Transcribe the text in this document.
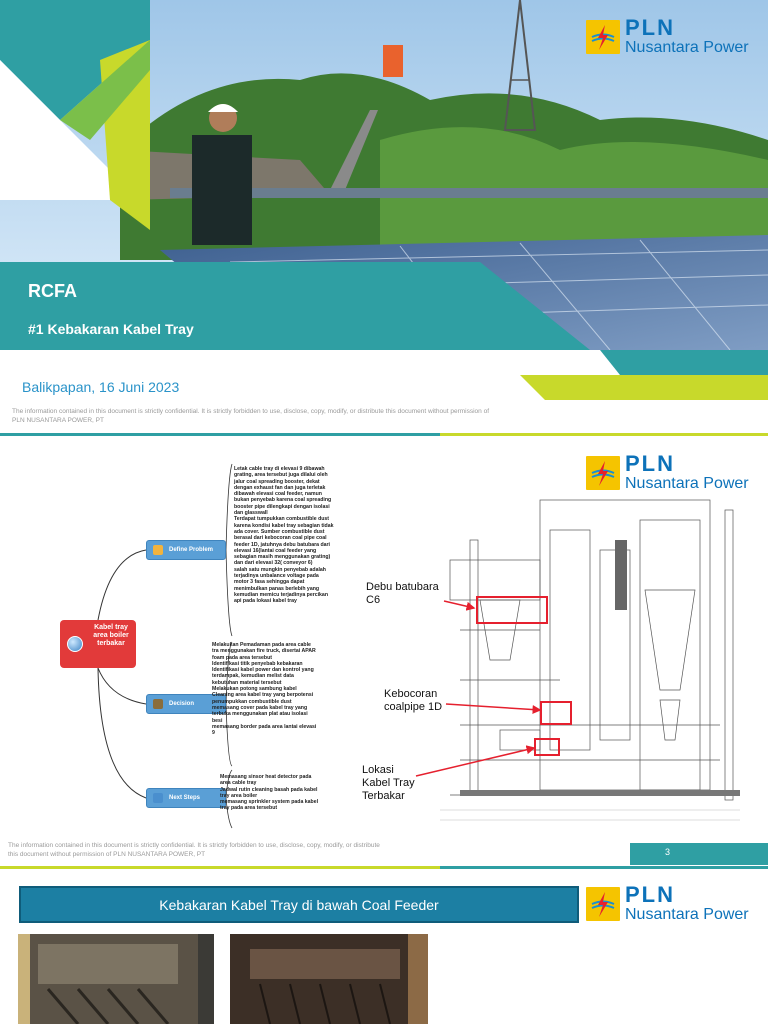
PLN
Nusantara Power
RCFA
#1 Kebakaran Kabel Tray
Balikpapan, 16 Juni 2023
The information contained in this document is strictly confidential. It is strictly forbidden to use, disclose, copy, modify, or distribute this document without permission of PLN NUSANTARA POWER, PT
Kabel tray area boiler terbakar
Define Problem
Letak cable tray di elevasi 9 dibawah grating, area tersebut juga dilalui oleh jalur coal spreading booster, dekat dengan exhaust fan dan juga terletak dibawah elevasi coal feeder, namun bukan penyebab karena coal spreading booster pipe dilengkapi dengan isolasi dan glasswall
Terdapat tumpukkan combustible dust karena kondisi kabel tray sebagian tidak ada cover. Sumber combustible dust berasal dari kebocoran coal pipe coal feeder 1D, jatuhnya debu batubara dari elevasi 16(lantai coal feeder yang sebagian masih menggunakan grating) dan dari elevasi 32( conveyor 6)
salah satu mungkin penyebab adalah terjadinya unbalance voltage pada motor 3 fasa sehingga dapat menimbulkan panas berlebih yang kemudian memicu terjadinya percikan api pada lokasi kabel tray
Decision
Melakukan Pemadaman pada area cable tra menggunakan fire truck, disertai APAR foam pada area tersebut
Identifikasi titik penyebab kebakaran
Identifikasi kabel power dan kontrol yang terdampak, kemudian melist data kebutuhan material tersebut
Melakukan potong sambung kabel
Cleaning area kabel tray yang berpotensi penumpukkan combustible dust
memasang cover pada kabel tray yang terbuka menggunakan plat atau isolasi besi
memasang border pada area lantai elevasi 9
Next Steps
Memasang sinsor heat detector pada area cable tray
Jadwal rutin cleaning basah pada kabel tray area boiler
memasang sprinkler system pada kabel tray pada area tersebut
PLN
Nusantara Power
Debu batubara
C6
Kebocoran
coalpipe 1D
Lokasi
Kabel Tray
Terbakar
The information contained in this document is strictly confidential. It is strictly forbidden to use, disclose, copy, modify, or distribute this document without permission of PLN NUSANTARA POWER, PT	3
Kebakaran Kabel Tray di bawah Coal Feeder	PLN
Nusantara Power
